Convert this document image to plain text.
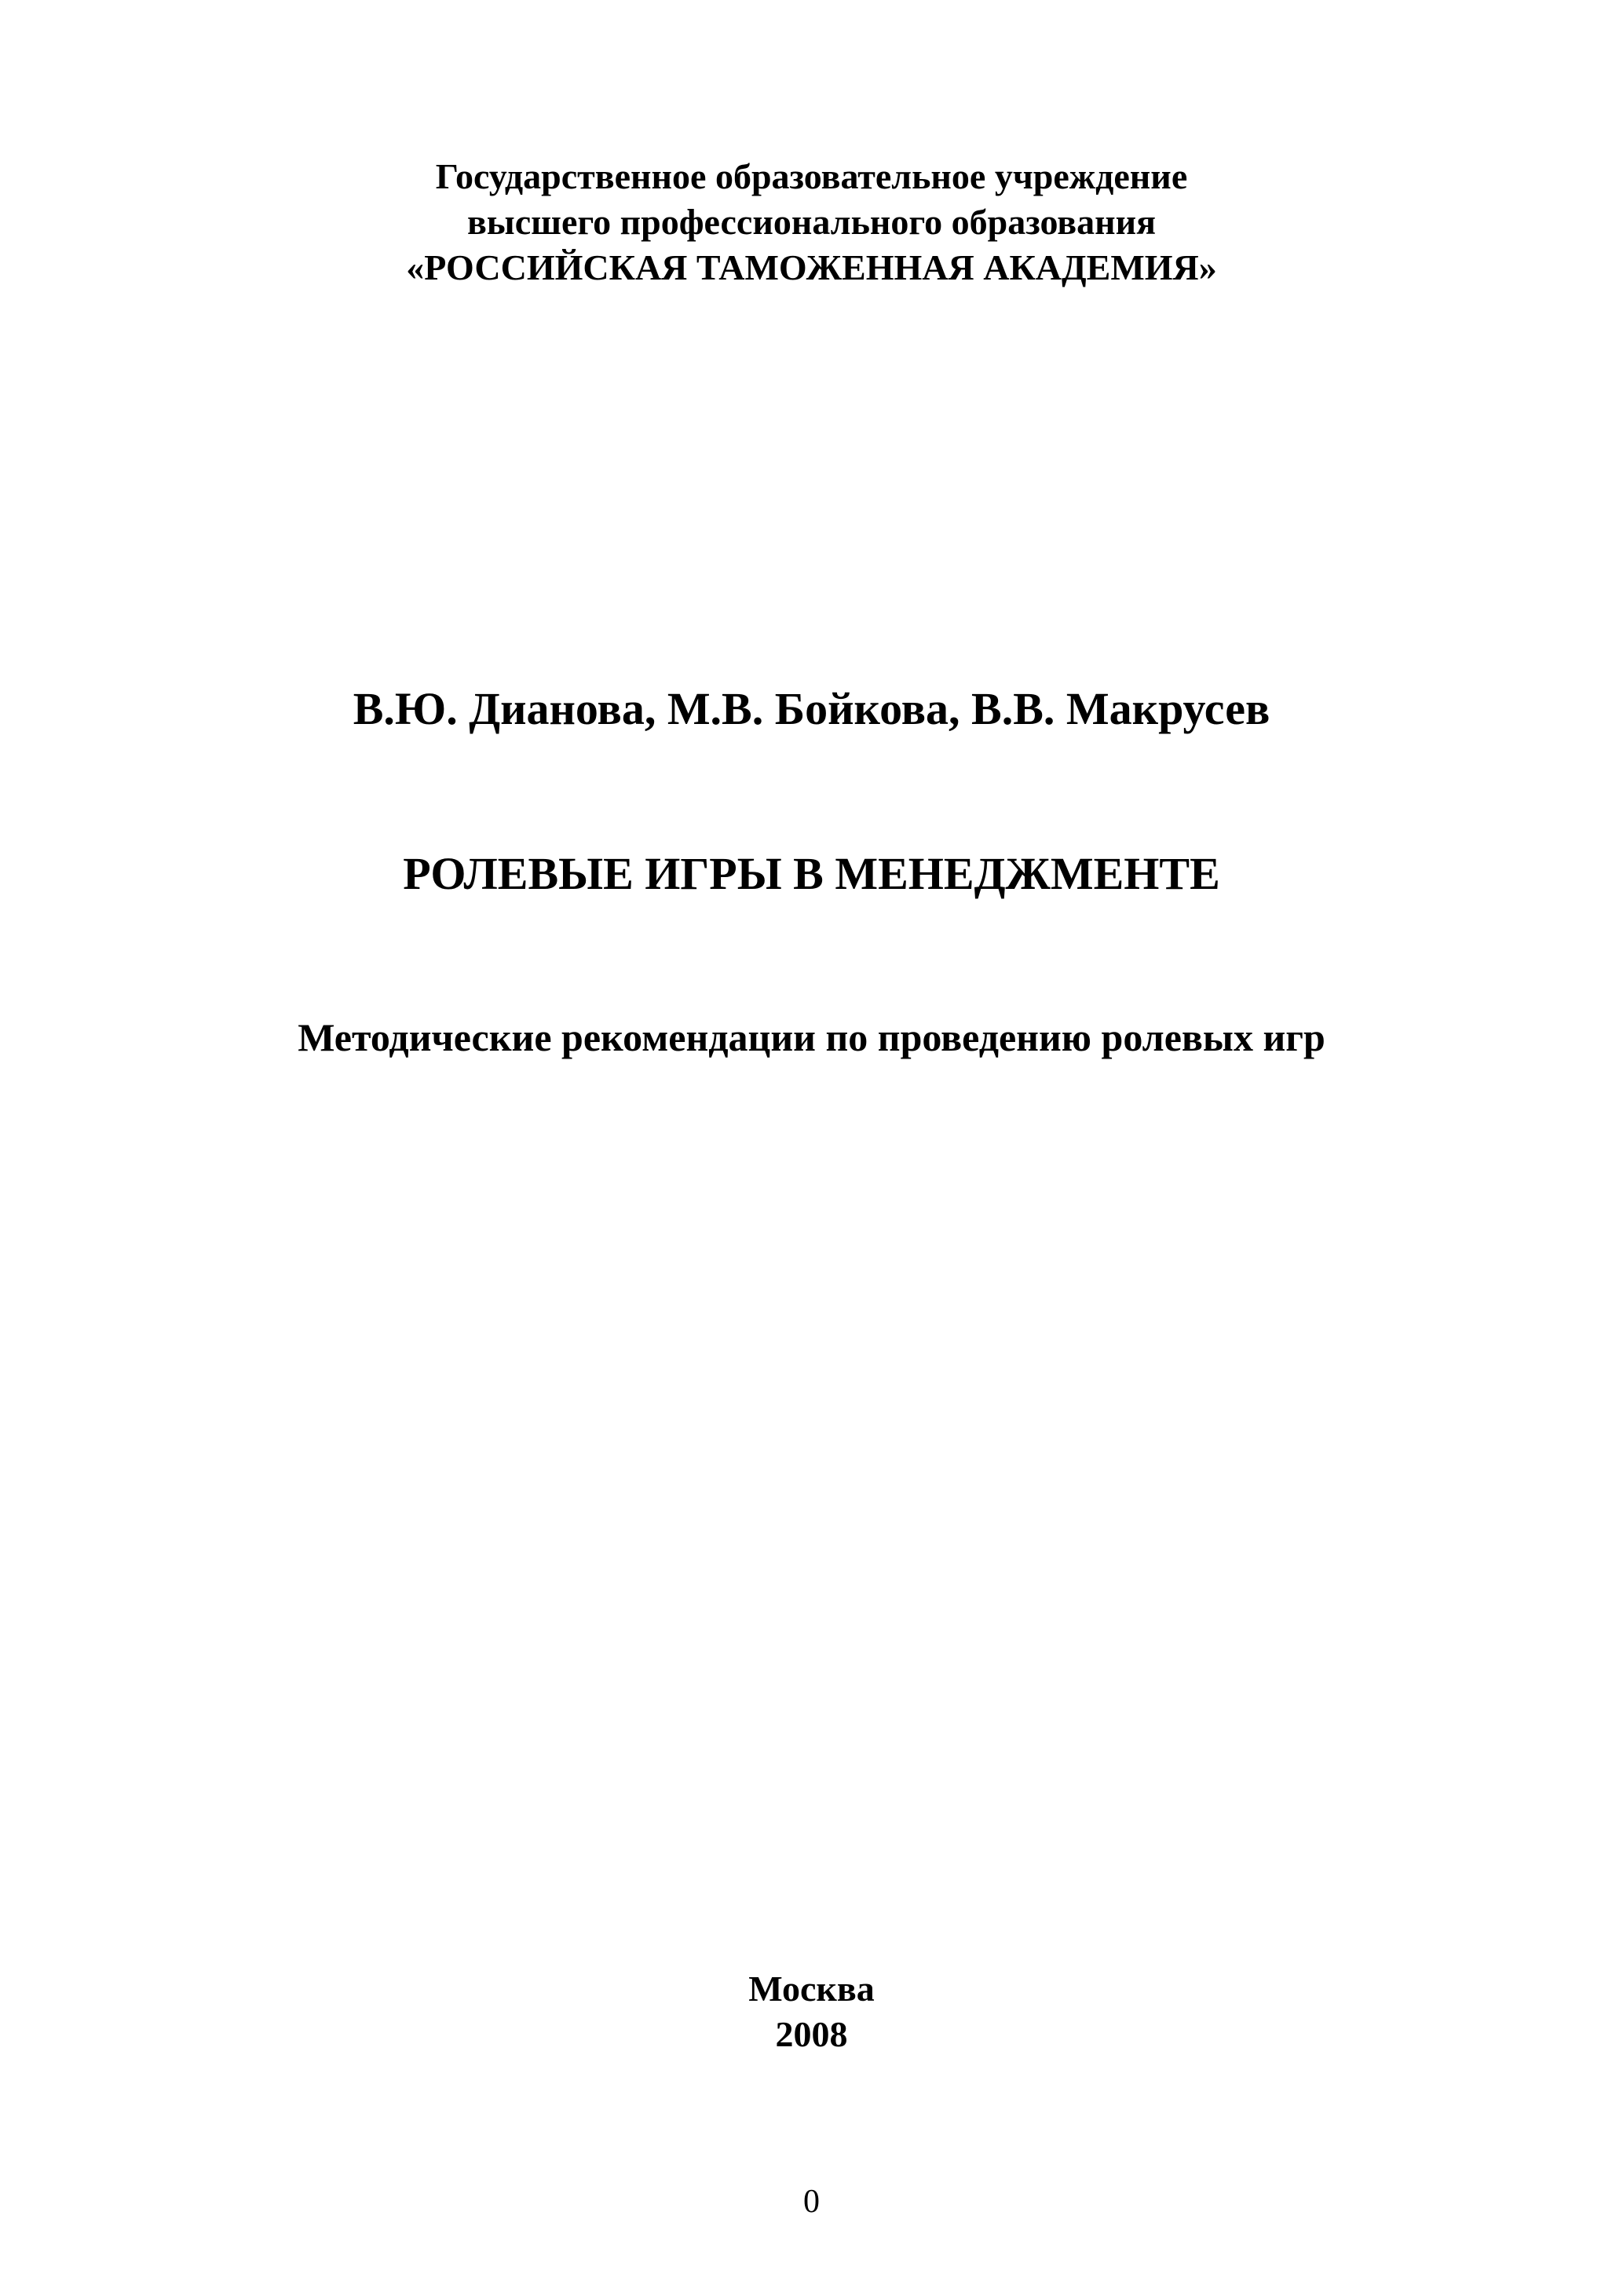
Государственное образовательное учреждение
высшего профессионального образования
«РОССИЙСКАЯ ТАМОЖЕННАЯ АКАДЕМИЯ»
В.Ю. Дианова, М.В. Бойкова, В.В. Макрусев
РОЛЕВЫЕ ИГРЫ В МЕНЕДЖМЕНТЕ
Методические рекомендации по проведению ролевых игр
Москва
2008
0
